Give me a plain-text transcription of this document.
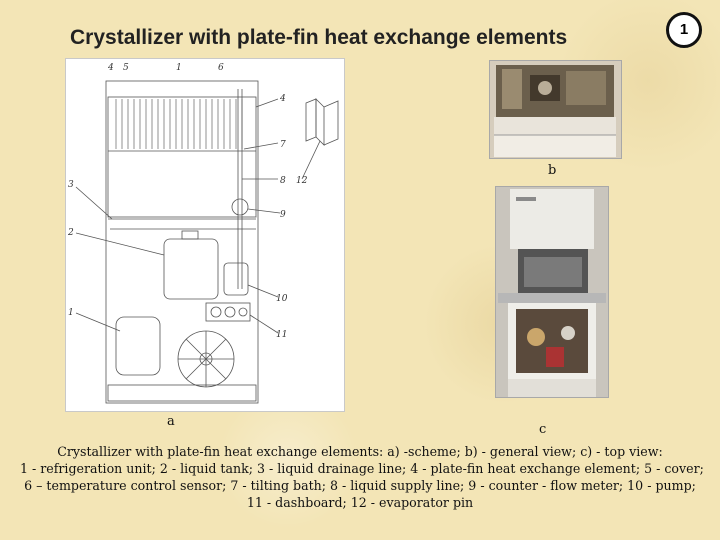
Crystallizer with plate-fin heat exchange elements	1
4 5	1	6
4
7
8 12
3
9
2
10
1
11
a
b
c
Crystallizer with plate-fin heat exchange elements: a) -scheme; b) - general view; c) - top view:
1 - refrigeration unit; 2 - liquid tank; 3 - liquid drainage line; 4 - plate-fin heat exchange element; 5 - cover;
6 – temperature control sensor; 7 - tilting bath; 8 - liquid supply line; 9 - counter - flow meter; 10 - pump;
11 - dashboard; 12 - evaporator pin
